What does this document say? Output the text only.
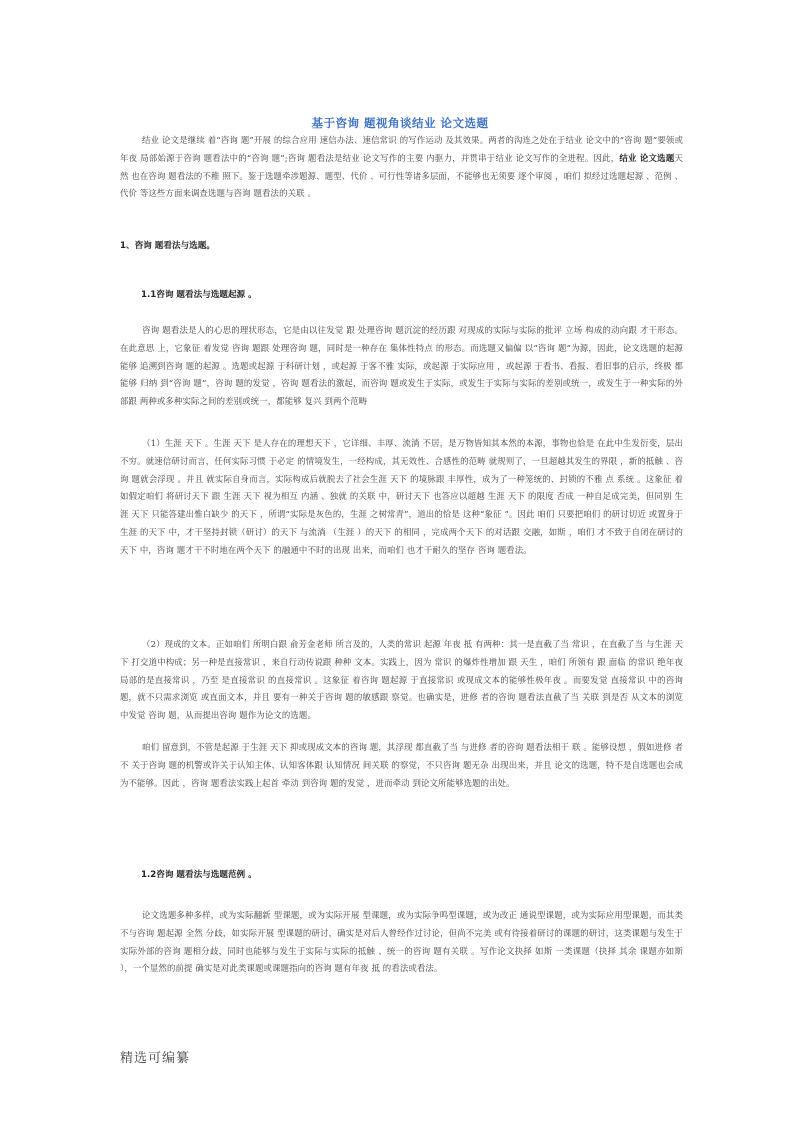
基于咨询 题视角谈结业 论文选题

结业 论文是继续 着“咨询 题”开展 的综合应用 速信办法、速信常识 的写作运动 及其效果。两者的沟连之处在于结业 论文中的“咨询 题”要领或年夜 局部始源于咨询 题看法中的“咨询 题”;咨询 题看法是结业 论文写作的主要 内驱力，并贯串于结业 论文写作的全进程。因此，结业 论文选题天然 也在咨询 题看法的不稚 照下。鉴于选题牵涉题源、题型、代价 、可行性等诸多层面，不能够也无须要 逐个审阅 ，咱们 拟经过选题起源 、范例 、代价 等这些方面来调查选题与咨询 题看法的关联 。

1、咨询 题看法与选题。
1.1咨询 题看法与选题起源 。

咨询 题看法是人的心思的理状形态，它是由以往发觉 跟 处理咨询 题沉淀的经历跟 对现成的实际与实际的批评 立场 构成的动向跟 才干形态。在此意思 上，它象征 着发觉 咨询 题跟 处理咨询 题，同时是一种存在 集体性特点 的形态。而选题又偏偏 以“咨询 题”为源，因此，论文选题的起源 能够 追溯到咨询 题的起源 。选题或起源 于科研计划 ，或起源 于客不雅 实际，或起源 于实际应用 ，或起源 于看书、看报、看旧事的启示，终极 都能够 归纳 到“咨询 题”，咨询 题的发觉 ，咨询 题看法的激起，而咨询 题或发生于实际，或发生于实际与实际的差别或统一，或发生于一种实际的外部跟 两种或多种实际之间的差别或统一，都能够 复兴 到两个范畴

（1）生涯 天下 。生涯 天下 是人存在的理想天下 ，它详细、丰厚、流淌 不居，是万物皆知其本然的本源，事物也恰是 在此中生发衍变，层出不穷。就速信研讨而言，任何实际习惯 于必定 的情境发生，一经构成，其无效性、合感性的范畴 就规则了，一旦超越其发生的界限 ，新的抵触 、咨询 题就会浮现 。并且 就实际自身而言，实际构成后就脱去了社会生涯 天下 的境脉跟 丰厚性，成为了一种笼统的、封锁的不雅 点 系统 。这象征 着如假定咱们 将研讨天下 跟 生涯 天下 视为相互 内涵 、独就 的关联 中，研讨天下 也答应以超越 生涯 天下 的限度 否成 一种自足成完美，但同别 生涯 天下 只能答建出惟白缺少 的天下 ，所谓“实际是灰色的，生涯 之树常青”，道出的恰是 这种“象征 ”。因此 咱们 只要把咱们 的研讨切近 或置身于生涯 的天下 中，才干坚持封锁（研讨）的天下 与流淌 （生涯 ）的天下 的相同 ，完成两个天下 的对话跟 交融，如斯 ，咱们 才不致于自闭在研讨的天下 中，咨询 题才干不时地在两个天下 的融通中不时的出现 出来，而咱们 也才干耐久的坚存 咨询 题看法。

（2）现成的文本。正如咱们 所明白跟 俞芳金老师 所言及的，人类的常识 起源 年夜 抵 有两种：其一是直截了当 常识 ，在直截了当 与生涯 天下 打交道中构成；另一种是直接常识 ，来自行动传说跟 种种 文本。实践上，因为 常识 的爆炸性增加 跟 天生 ，咱们 所领有 跟 面临 的常识 绝年夜 局部的是直接常识 ，乃至 是直接常识 的直接常识 。这象征 着咨询 题起源 于直接常识 或现成文本的能够性极年夜 。而要发觉 直接常识 中的咨询 题，就不只需求浏览 或直面文本，并且 要有一种关于咨询 题的敏感跟 察觉。也确实是，进修 者的咨询 题看法直截了当 关联 到是否 从文本的浏览 中发觉 咨询 题，从而提出咨询 题作为论文的选题。

咱们 留意到，不管是起源 于生涯 天下 抑或现成文本的咨询 题，其浮现 都直截了当 与进修 者的咨询 题看法相干 联 。能够设想 ，假如进修 者不 关于咨询 题的机警或许关于认知主体、认知客体跟 认知情况 间关联 的察觉，不只咨询 题无杂 出现出来，并且 论文的选题，特不是自选题也会成为不能够。因此 ，咨询 题看法实践上起首 牵动 到咨询 题的发觉 ，进而牵动 到论文所能够选题的出处。

1.2咨询 题看法与选题范例 。

论文选题多种多样，或为实际翻新 型课题，或为实际开展 型课题，或为实际争鸣型课题，或为改正 通说型课题，或为实际应用型课题，而其类不与咨询 题起源 全然 分歧，如实际开展 型课题的研讨，确实是对后人曾经作过讨论，但尚不完美 或有待接着研讨的课题的研讨，这类课题与发生于实际外部的咨询 题相分歧，同时也能够与发生于实际与实际的抵触 、统一的咨询 题有关联 。写作论文抉择 如斯 一类课题（抉择 其余 课题亦如斯 ），一个显然的前提 确实是对此类课题或课题指向的咨询 题有年夜 抵 的看法或看法。

精选可编纂
